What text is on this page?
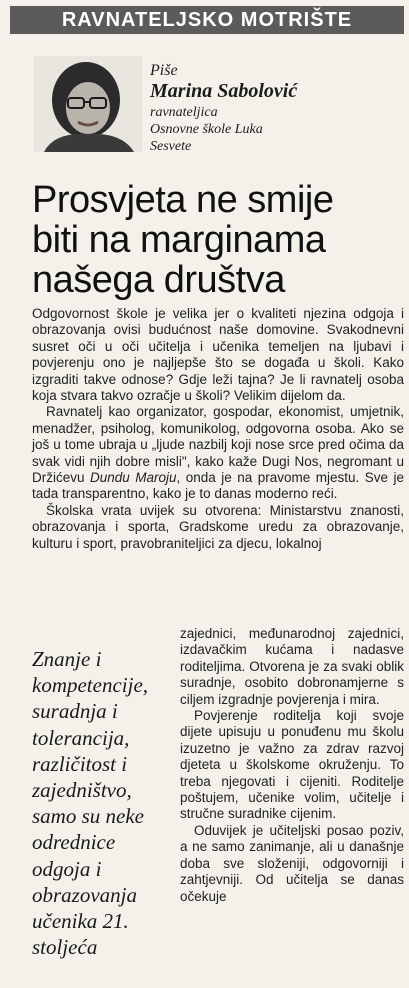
RAVNATELJSKO MOTRIŠTE
Piše
Marina Sabolović
ravnateljica
Osnovne škole Luka
Sesvete
Prosvjeta ne smije
biti na marginama
našega društva

Odgovornost škole je velika jer o kvaliteti njezina odgoja i obrazovanja ovisi budućnost naše domovine. Svakodnevni susret oči u oči učitelja i učenika temeljen na ljubavi i povjerenju ono je najljepše što se događa u školi. Kako izgraditi takve odnose? Gdje leži tajna? Je li ravnatelj osoba koja stvara takvo ozračje u školi? Velikim dijelom da.

Ravnatelj kao organizator, gospodar, ekonomist, umjetnik, menadžer, psiholog, komunikolog, odgovorna osoba. Ako se još u tome ubraja u „ljude nazbilj koji nose srce pred očima da svak vidi njih dobre misli", kako kaže Dugi Nos, negromant u Držićevu Dundu Maroju, onda je na pravome mjestu. Sve je tada transparentno, kako je to danas moderno reći.

Školska vrata uvijek su otvorena: Ministarstvu znanosti, obrazovanja i sporta, Gradskome uredu za obrazovanje, kulturu i sport, pravobraniteljici za djecu, lokalnoj

Znanje i
kompetencije,
suradnja i
tolerancija,
različitost i
zajedništvo,
samo su neke
odrednice
odgoja i
obrazovanja
učenika 21.
stoljeća

zajednici, međunarodnoj zajednici, izdavačkim kućama i nadasve roditeljima. Otvorena je za svaki oblik suradnje, osobito dobronamjerne s ciljem izgradnje povjerenja i mira.

Povjerenje roditelja koji svoje dijete upisuju u ponuđenu mu školu izuzetno je važno za zdrav razvoj djeteta u školskome okruženju. To treba njegovati i cijeniti. Roditelje poštujem, učenike volim, učitelje i stručne suradnike cijenim.

Oduvijek je učiteljski posao poziv, a ne samo zanimanje, ali u današnje doba sve složeniji, odgovorniji i zahtjevniji. Od učitelja se danas očekuje
